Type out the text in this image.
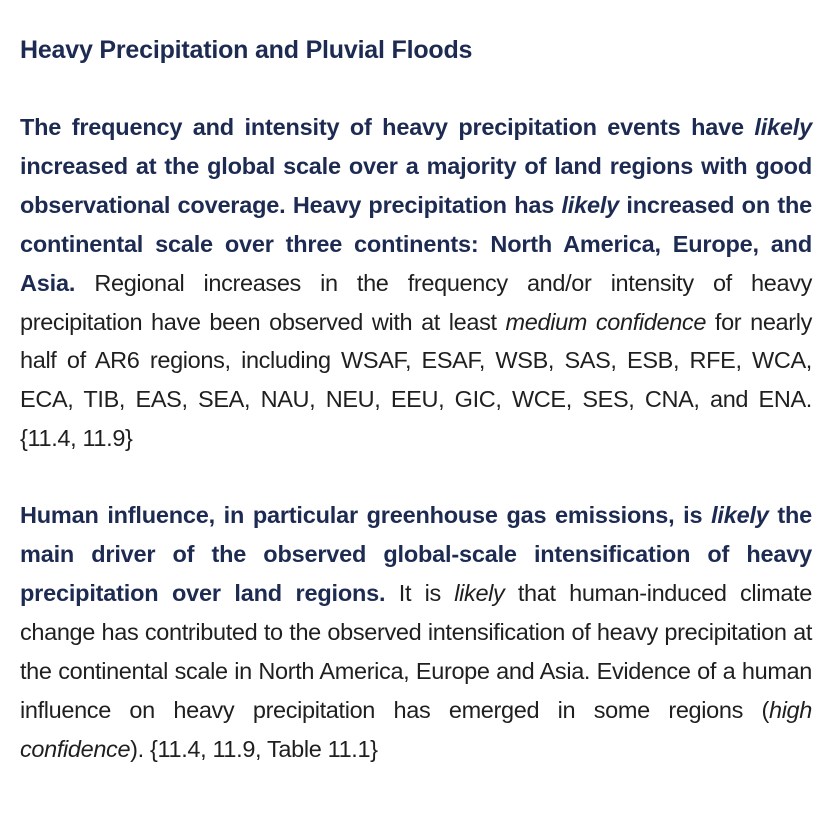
Heavy Precipitation and Pluvial Floods

The frequency and intensity of heavy precipitation events have likely increased at the global scale over a majority of land regions with good observational coverage. Heavy precipitation has likely increased on the continental scale over three continents: North America, Europe, and Asia. Regional increases in the frequency and/or intensity of heavy precipitation have been observed with at least medium confidence for nearly half of AR6 regions, including WSAF, ESAF, WSB, SAS, ESB, RFE, WCA, ECA, TIB, EAS, SEA, NAU, NEU, EEU, GIC, WCE, SES, CNA, and ENA. {11.4, 11.9}

Human influence, in particular greenhouse gas emissions, is likely the main driver of the observed global-scale intensification of heavy precipitation over land regions. It is likely that human-induced climate change has contributed to the observed intensification of heavy precipitation at the continental scale in North America, Europe and Asia. Evidence of a human influence on heavy precipitation has emerged in some regions (high confidence). {11.4, 11.9, Table 11.1}
